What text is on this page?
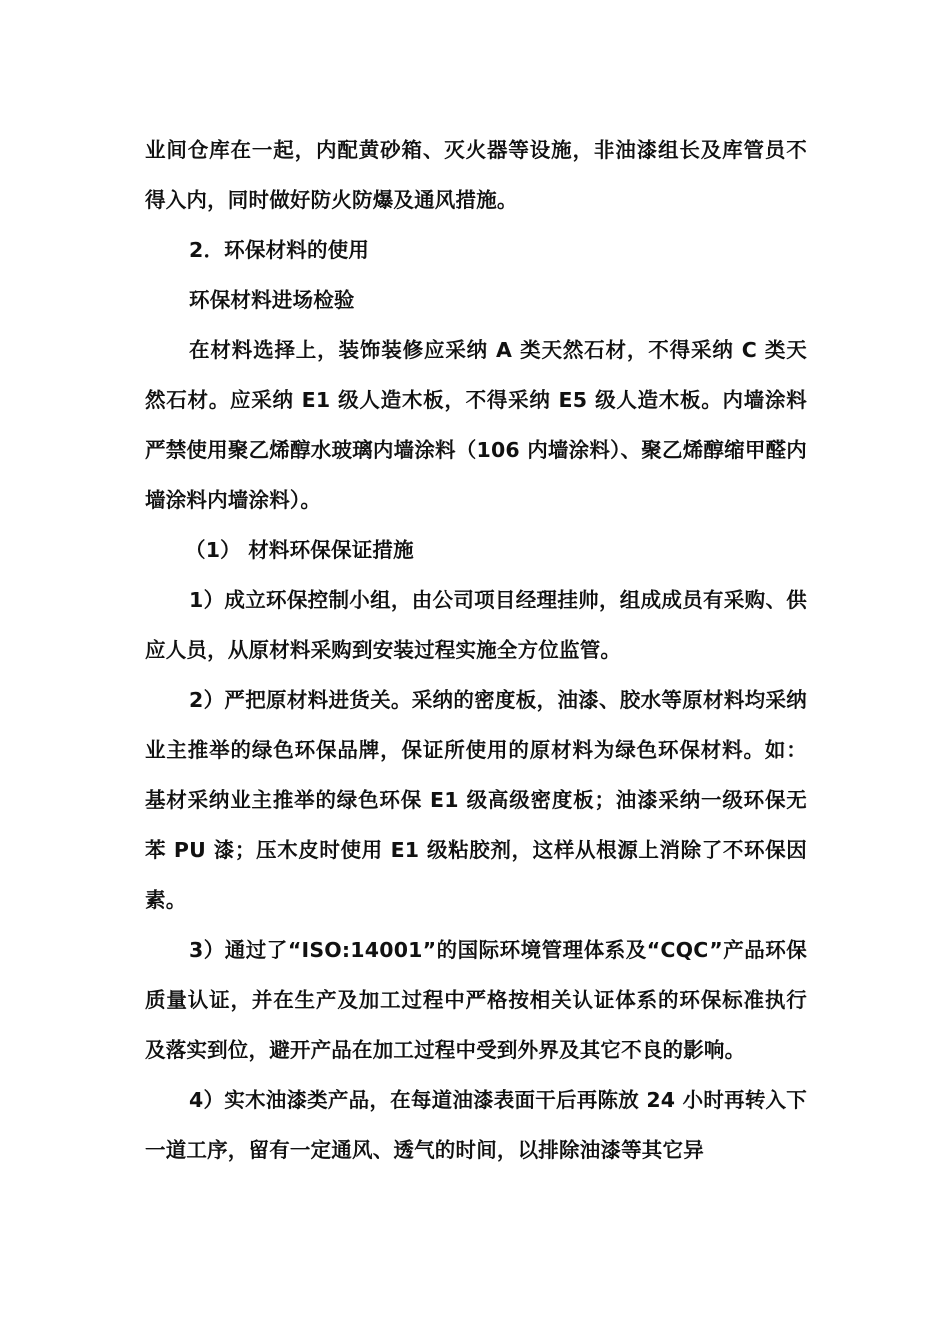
业间仓库在一起，内配黄砂箱、灭火器等设施，非油漆组长及库管员不得入内，同时做好防火防爆及通风措施。

2．环保材料的使用

环保材料进场检验

在材料选择上，装饰装修应采纳 A 类天然石材，不得采纳 C 类天然石材。应采纳 E1 级人造木板，不得采纳 E5 级人造木板。内墙涂料严禁使用聚乙烯醇水玻璃内墙涂料（106 内墙涂料）、聚乙烯醇缩甲醛内墙涂料内墙涂料）。

（1） 材料环保保证措施

1）成立环保控制小组，由公司项目经理挂帅，组成成员有采购、供应人员，从原材料采购到安装过程实施全方位监管。

2）严把原材料进货关。采纳的密度板，油漆、胶水等原材料均采纳业主推举的绿色环保品牌，保证所使用的原材料为绿色环保材料。如：基材采纳业主推举的绿色环保 E1 级高级密度板；油漆采纳一级环保无苯 PU 漆；压木皮时使用 E1 级粘胶剂，这样从根源上消除了不环保因素。

3）通过了“ISO:14001”的国际环境管理体系及“CQC”产品环保质量认证，并在生产及加工过程中严格按相关认证体系的环保标准执行及落实到位，避开产品在加工过程中受到外界及其它不良的影响。

4）实木油漆类产品，在每道油漆表面干后再陈放 24 小时再转入下一道工序，留有一定通风、透气的时间，以排除油漆等其它异
